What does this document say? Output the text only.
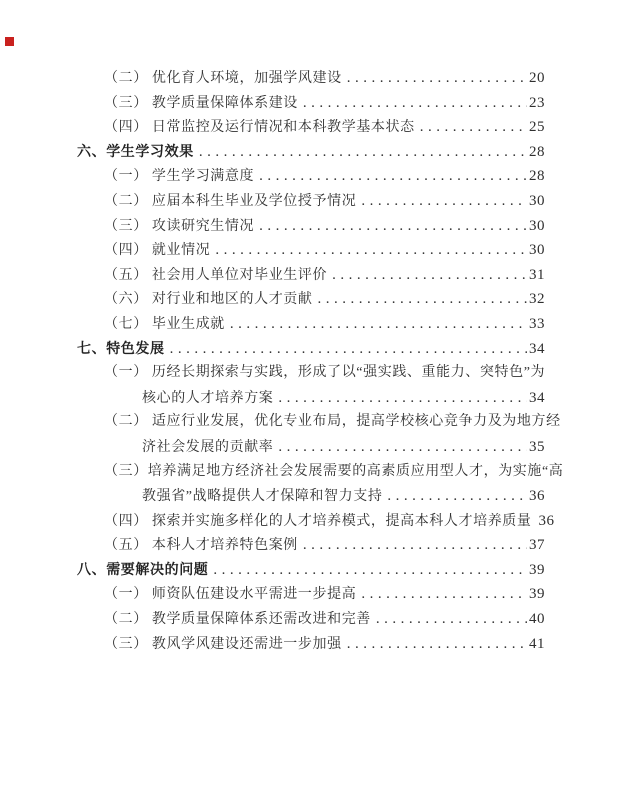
（二） 优化育人环境，加强学风建设 .....	20
（三） 教学质量保障体系建设 .....	23
（四） 日常监控及运行情况和本科教学基本状态 .....	25
六、学生学习效果 .....	28
（一） 学生学习满意度 .....	28
（二） 应届本科生毕业及学位授予情况 .....	30
（三） 攻读研究生情况 .....	30
（四） 就业情况 .....	30
（五） 社会用人单位对毕业生评价 .....	31
（六） 对行业和地区的人才贡献 .....	32
（七） 毕业生成就 .....	33
七、特色发展 .....	34
（一） 历经长期探索与实践，形成了以“强实践、重能力、突特色”为
核心的人才培养方案 .....	34
（二） 适应行业发展，优化专业布局，提高学校核心竞争力及为地方经
济社会发展的贡献率 .....	35
（三）培养满足地方经济社会发展需要的高素质应用型人才，为实施“高
教强省”战略提供人才保障和智力支持 .....	36
（四） 探索并实施多样化的人才培养模式，提高本科人才培养质量 36
（五） 本科人才培养特色案例 .....	37
八、需要解决的问题 .....	39
（一） 师资队伍建设水平需进一步提高 .....	39
（二） 教学质量保障体系还需改进和完善 .....	40
（三） 教风学风建设还需进一步加强 .....	41
